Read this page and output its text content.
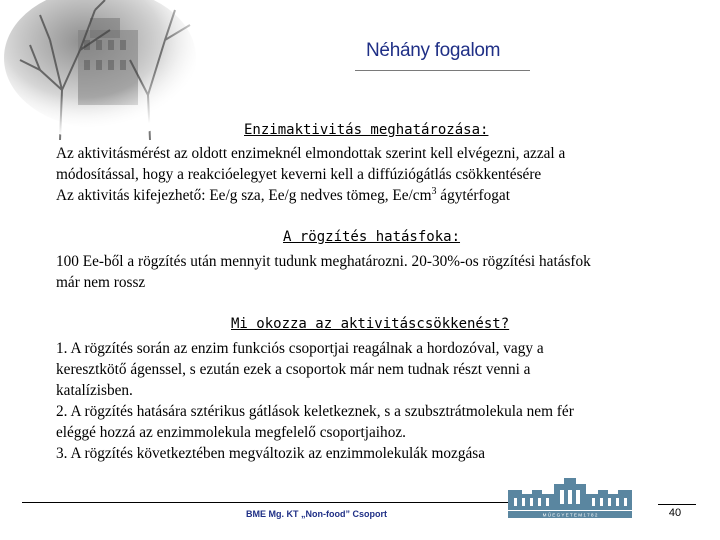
Néhány fogalom
Enzimaktivitás meghatározása:

Az aktivitásmérést az oldott enzimeknél elmondottak szerint kell elvégezni, azzal a

módosítással, hogy a reakcióelegyet keverni kell a diffúziógátlás csökkentésére

Az aktivitás kifejezhető: Ee/g sza, Ee/g nedves tömeg, $Ee/cm^3$ ágytérfogat

A rögzítés hatásfoka:

100 Ee-ből a rögzítés után mennyit tudunk meghatározni. 20-30%-os rögzítési hatásfok

már nem rossz

Mi okozza az aktivitáscsökkenést?

1. A rögzítés során az enzim funkciós csoportjai reagálnak a hordozóval, vagy a

keresztkötő ágenssel, s ezután ezek a csoportok már nem tudnak részt venni a

katalízisben.

2. A rögzítés hatására sztérikus gátlások keletkeznek, s a szubsztrátmolekula nem fér

eléggé hozzá az enzimmolekula megfelelő csoportjaihoz.

3. A rögzítés következtében megváltozik az enzimmolekulák mozgása

BME Mg. KT „Non-food” Csoport	M Ű E G Y E T E M 1 7 8 2	40
